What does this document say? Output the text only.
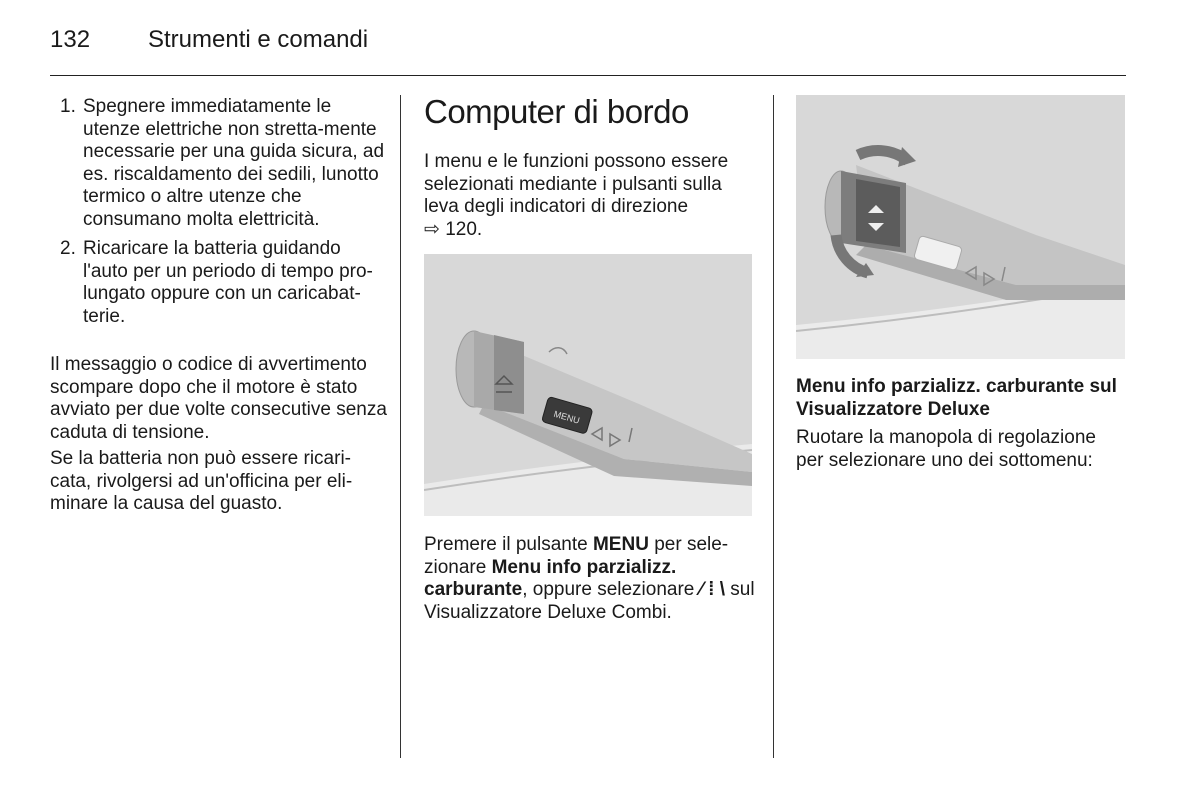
132 Strumenti e comandi
1. Spegnere immediatamente le utenze elettriche non stretta-mente necessarie per una guida sicura, ad es. riscaldamento dei sedili, lunotto termico o altre utenze che consumano molta elettricità.
2. Ricaricare la batteria guidando l'auto per un periodo di tempo pro-lungato oppure con un caricabat-terie.

Il messaggio o codice di avvertimento scompare dopo che il motore è stato avviato per due volte consecutive senza caduta di tensione.

Se la batteria non può essere ricari-cata, rivolgersi ad un'officina per eli-minare la causa del guasto.

Computer di bordo

I menu e le funzioni possono essere selezionati mediante i pulsanti sulla leva degli indicatori di direzione
⇨ 120.

MENU

Premere il pulsante MENU per sele-zionare Menu info parzializz. carburante, oppure selezionare ⁄ ⁞ \ sul Visualizzatore Deluxe Combi.

Menu info parzializz. carburante sul Visualizzatore Deluxe

Ruotare la manopola di regolazione per selezionare uno dei sottomenu:
